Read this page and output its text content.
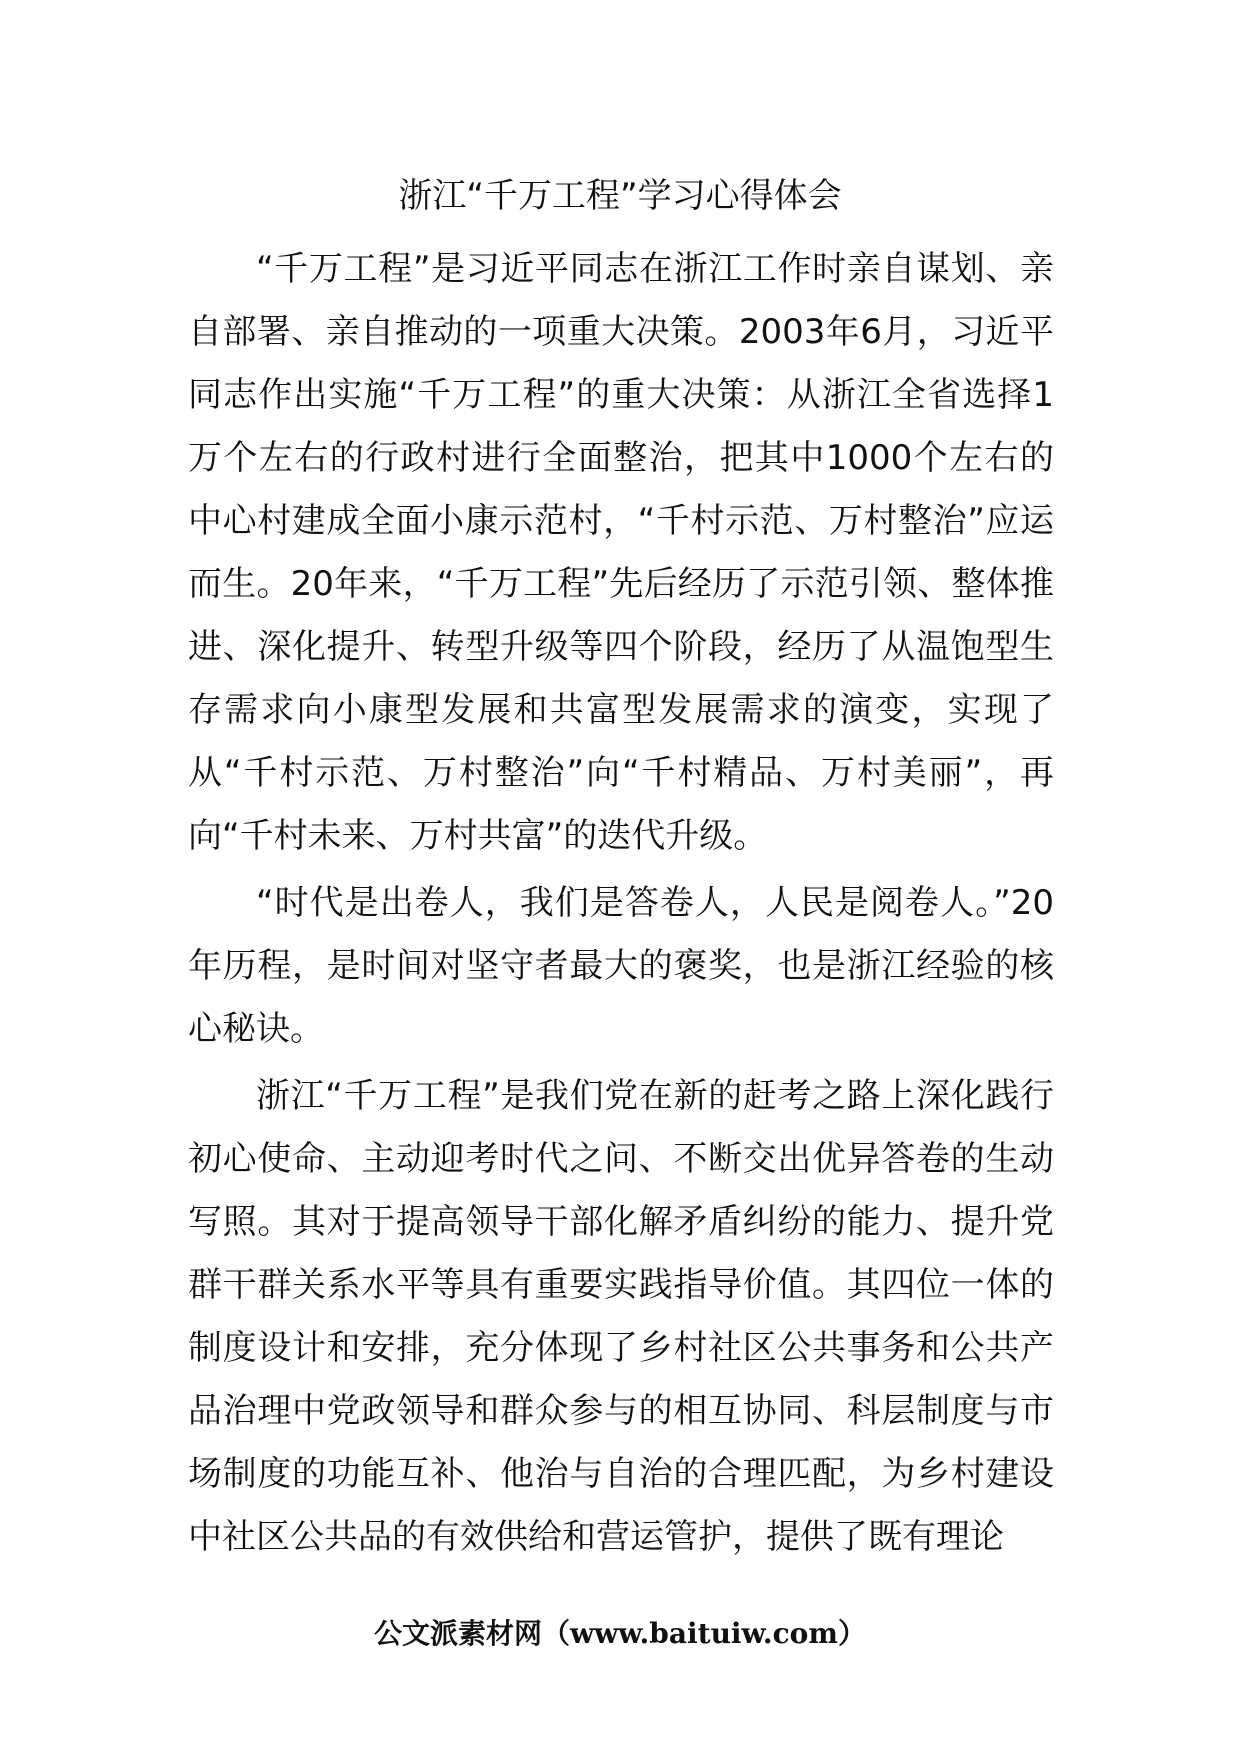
浙江“千万工程”学习心得体会

“千万工程”是习近平同志在浙江工作时亲自谋划、亲自部署、亲自推动的一项重大决策。2003年6月，习近平同志作出实施“千万工程”的重大决策：从浙江全省选择1万个左右的行政村进行全面整治，把其中1000个左右的中心村建成全面小康示范村，“千村示范、万村整治”应运而生。20年来，“千万工程”先后经历了示范引领、整体推进、深化提升、转型升级等四个阶段，经历了从温饱型生存需求向小康型发展和共富型发展需求的演变，实现了从“千村示范、万村整治”向“千村精品、万村美丽”，再向“千村未来、万村共富”的迭代升级。

“时代是出卷人，我们是答卷人，人民是阅卷人。”20年历程，是时间对坚守者最大的褒奖，也是浙江经验的核心秘诀。

浙江“千万工程”是我们党在新的赶考之路上深化践行初心使命、主动迎考时代之问、不断交出优异答卷的生动写照。其对于提高领导干部化解矛盾纠纷的能力、提升党群干群关系水平等具有重要实践指导价值。其四位一体的制度设计和安排，充分体现了乡村社区公共事务和公共产品治理中党政领导和群众参与的相互协同、科层制度与市场制度的功能互补、他治与自治的合理匹配，为乡村建设中社区公共品的有效供给和营运管护，提供了既有理论

公文派素材网（www.baituiw.com）
